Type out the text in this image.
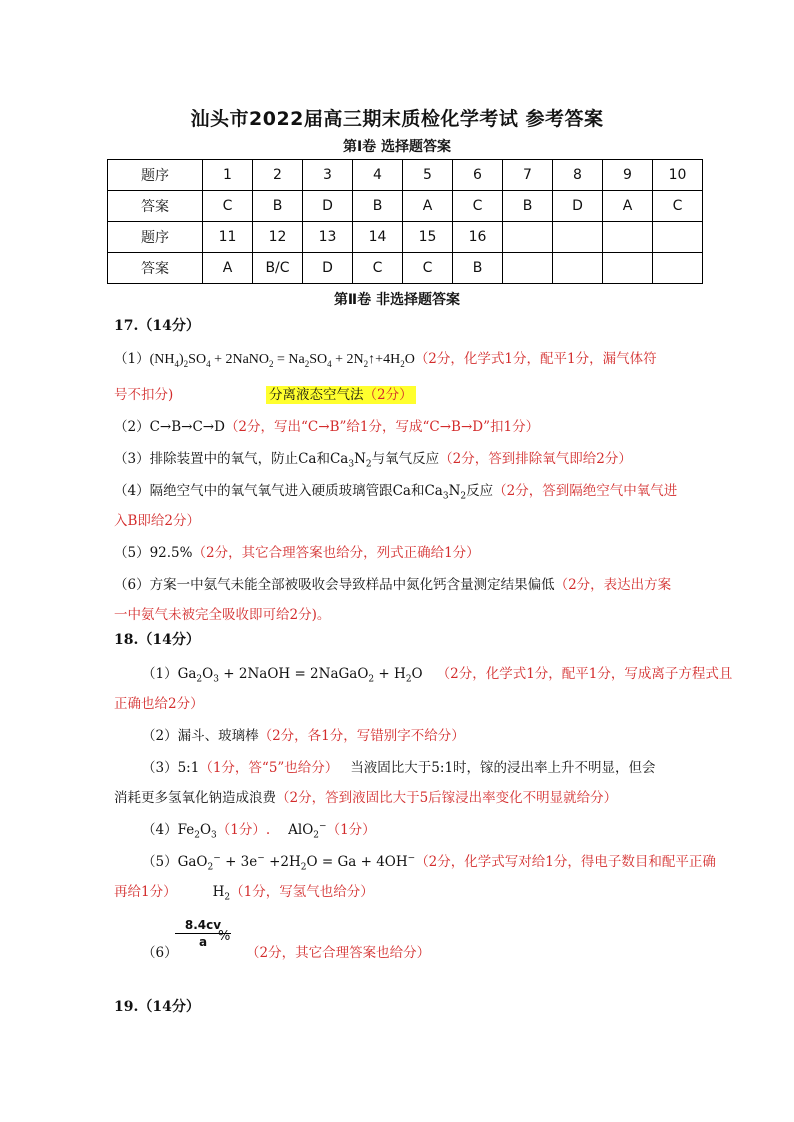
汕头市2022届高三期末质检化学考试 参考答案
第Ⅰ卷 选择题答案
题序	1	2	3	4	5	6	7	8	9	10
答案	C	B	D	B	A	C	B	D	A	C
题序	11	12	13	14	15	16				
答案	A	B/C	D	C	C	B				
第Ⅱ卷 非选择题答案
17.（14分）
$(1)(NH_4)_2SO_4$ + 2NaNO$_2$ = $Na_2SO_4$ + $2N_2↑+4H_2O(2$分，化学式1分，配平1分，漏气体符
号不扣分)	分离液态空气法（2分）
（2）C→B→C→D（2分，写出“C→B”给1分，写成“C→B→D”扣1分）
（3）排除装置中的氧气，防止Ca和$Ca_3N_2$与氧气反应（2分，答到排除氧气即给2分）
（4）隔绝空气中的氧气氧气进入硬质玻璃管跟Ca和$Ca_3N_2$反应（2分，答到隔绝空气中氧气进
入B即给2分）
（5）92.5%（2分，其它合理答案也给分，列式正确给1分）
（6）方案一中氨气未能全部被吸收会导致样品中氮化钙含量测定结果偏低（2分，表达出方案
一中氨气未被完全吸收即可给2分)。
18.（14分）
$(1)Ga_2O_3$ + 2NaOH = 2NaGaO$_2$ + $H_2O$ （2分，化学式1分，配平1分，写成离子方程式且
正确也给2分）
（2）漏斗、玻璃棒（2分，各1分，写错别字不给分）
（3）5:1（1分，答“5”也给分） 当液固比大于5:1时，镓的浸出率上升不明显，但会
消耗更多氢氧化钠造成浪费（2分，答到液固比大于5后镓浸出率变化不明显就给分）
$(4)Fe_2O_3(1$分）. AlO$_2$−（1分）
$(5)GaO_2^- + 3e^- +2H_2O = Ga + 4OH^-(2$分，化学式写对给1分，得电子数目和配平正确
再给1分）	$H_2(1$分，写氢气也给分）
（6）
$\frac{8.4cv}{a}$
%
（2分，其它合理答案也给分）
19.（14分）
